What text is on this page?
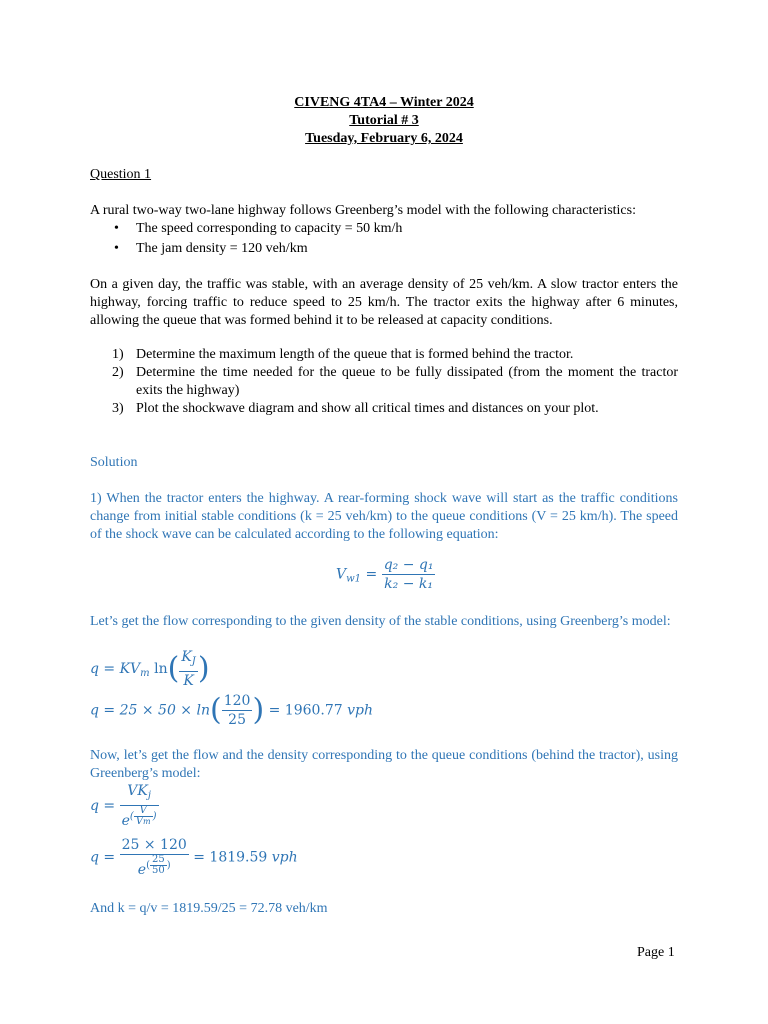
CIVENG 4TA4 – Winter 2024
Tutorial # 3
Tuesday, February 6, 2024
Question 1
A rural two-way two-lane highway follows Greenberg’s model with the following characteristics:
• The speed corresponding to capacity = 50 km/h
• The jam density = 120 veh/km
On a given day, the traffic was stable, with an average density of 25 veh/km. A slow tractor enters the highway, forcing traffic to reduce speed to 25 km/h. The tractor exits the highway after 6 minutes, allowing the queue that was formed behind it to be released at capacity conditions.
1) Determine the maximum length of the queue that is formed behind the tractor.
2) Determine the time needed for the queue to be fully dissipated (from the moment the tractor exits the highway)
3) Plot the shockwave diagram and show all critical times and distances on your plot.
Solution
1) When the tractor enters the highway. A rear-forming shock wave will start as the traffic conditions change from initial stable conditions (k = 25 veh/km) to the queue conditions (V = 25 km/h). The speed of the shock wave can be calculated according to the following equation:
$V_{w1} = \frac{\text{q₂ − q₁}}{\text{k₂ − k₁}}$
Let’s get the flow corresponding to the given density of the stable conditions, using Greenberg’s model:
$q = KV_m$ $\ln( \frac{K_J}{K}$ )
$q = 25 \times 50 \times \ln( \frac{120}{25}$ ) = 1960.77 vph
Now, let’s get the flow and the density corresponding to the queue conditions (behind the tractor), using Greenberg’s model:
$q = VK_j$
$e^{( \frac{V}{Vm} )}$
q = 25 × 120
$e^{( \frac{25}{50} )} = 1819.59$ vph
And k = q/v = 1819.59/25 = 72.78 veh/km
Page 1
